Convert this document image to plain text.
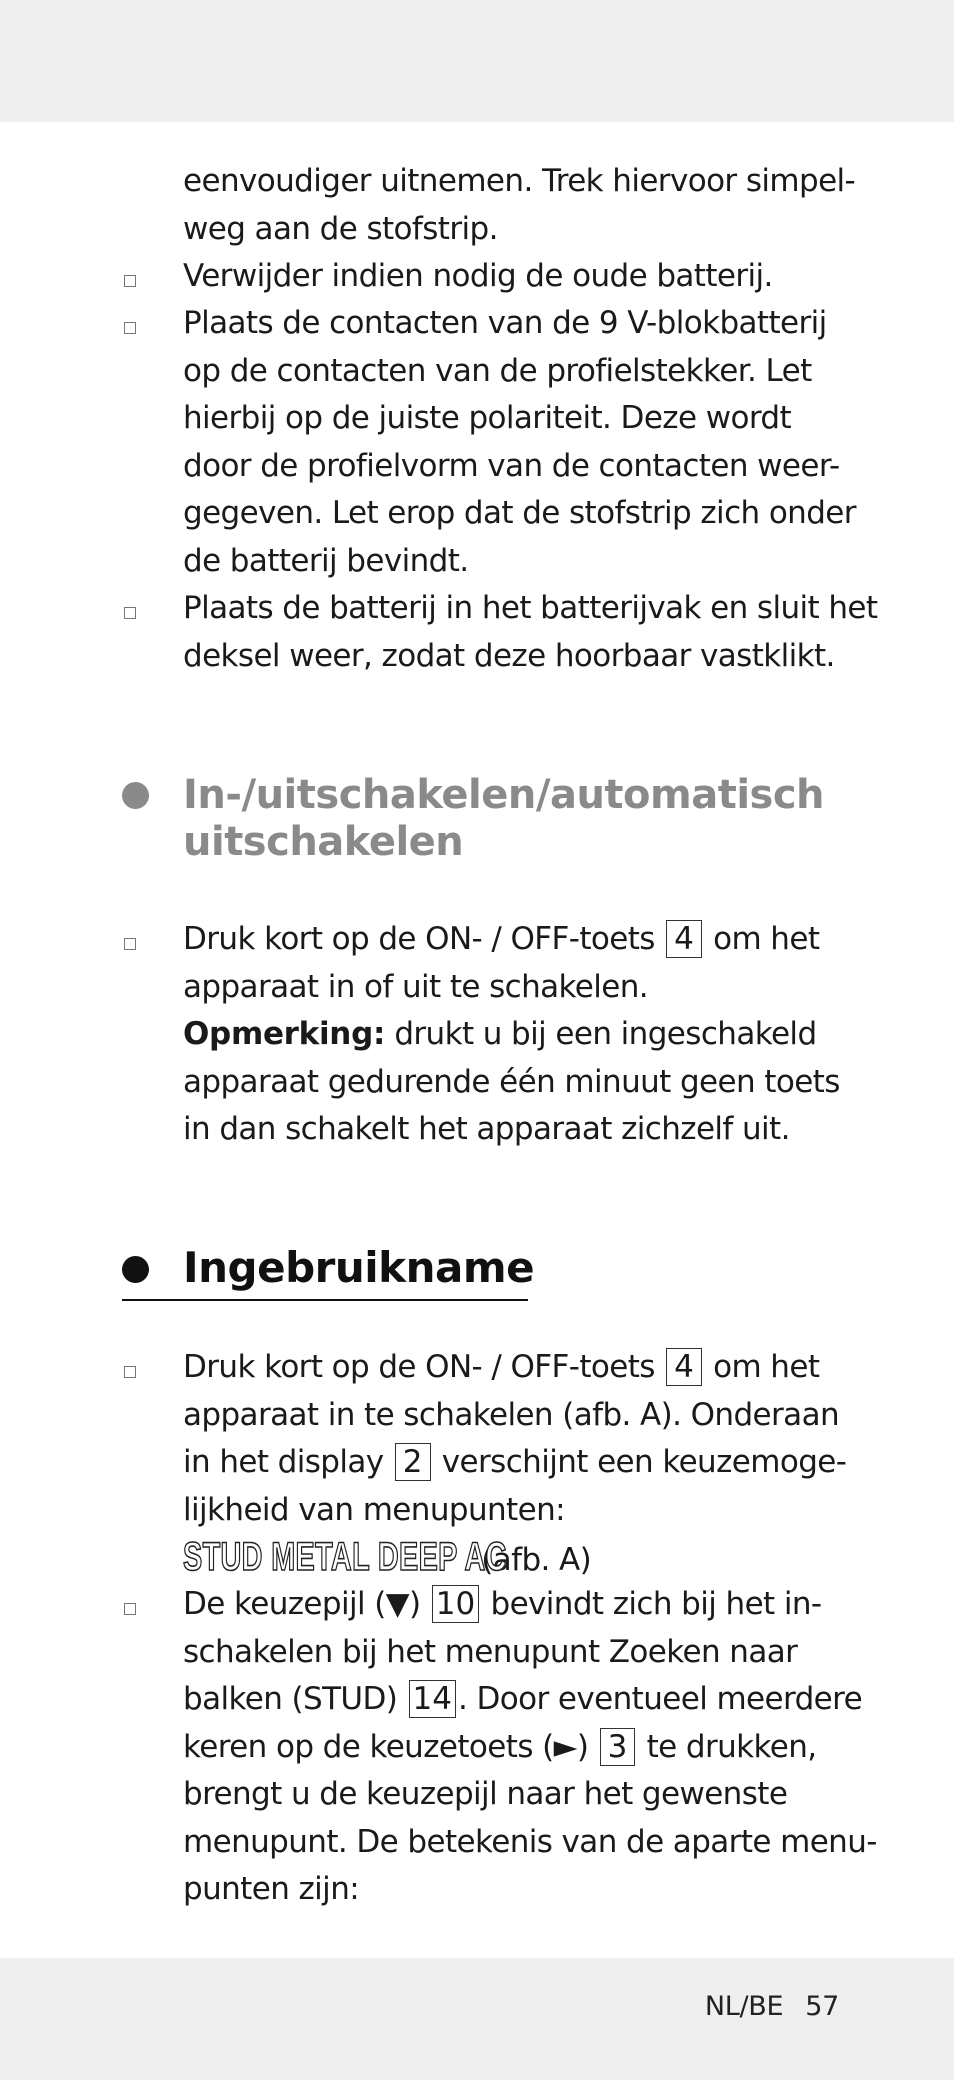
eenvoudiger uitnemen. Trek hiervoor simpel-
weg aan de stofstrip.
Verwijder indien nodig de oude batterij.
Plaats de contacten van de 9 V-blokbatterij
op de contacten van de profielstekker. Let
hierbij op de juiste polariteit. Deze wordt
door de profielvorm van de contacten weer-
gegeven. Let erop dat de stofstrip zich onder
de batterij bevindt.
Plaats de batterij in het batterijvak en sluit het
deksel weer, zodat deze hoorbaar vastklikt.
In-/uitschakelen/automatisch
uitschakelen
Druk kort op de ON- / OFF-toets 4 om het
apparaat in of uit te schakelen.
Opmerking: drukt u bij een ingeschakeld
apparaat gedurende één minuut geen toets
in dan schakelt het apparaat zichzelf uit.
Ingebruikname
Druk kort op de ON- / OFF-toets 4 om het
apparaat in te schakelen (afb. A). Onderaan
in het display 2 verschijnt een keuzemoge-
lijkheid van menupunten:
STUD METAL DEEP AC (afb. A)
De keuzepijl (▼) 10 bevindt zich bij het in-
schakelen bij het menupunt Zoeken naar
balken (STUD) 14 . Door eventueel meerdere
keren op de keuzetoets (►) 3 te drukken,
brengt u de keuzepijl naar het gewenste
menupunt. De betekenis van de aparte menu-
punten zijn:

NL/BE 57
